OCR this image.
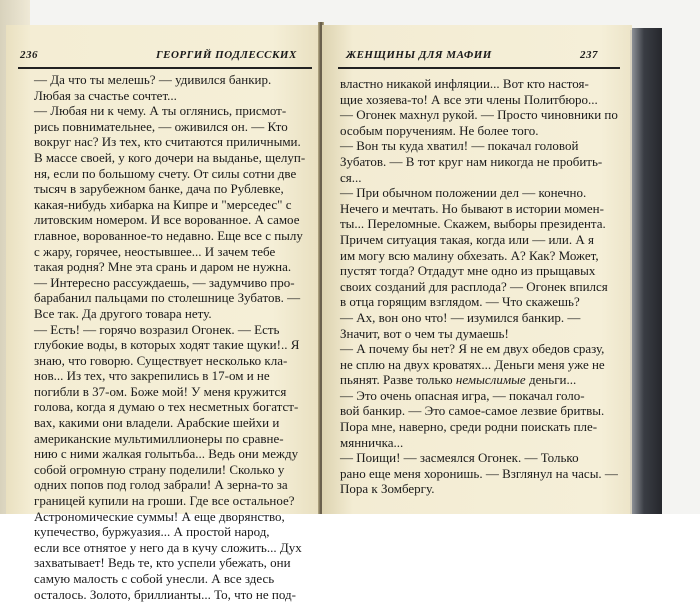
236	ГЕОРГИЙ ПОДЛЕССКИХ
— Да что ты мелешь? — удивился банкир.
Любая за счастье сочтет...
— Любая ни к чему. А ты оглянись, присмот-
рись повнимательнее, — оживился он. — Кто
вокруг нас? Из тех, кто считаются приличными.
В массе своей, у кого дочери на выданье, щелуп-
ня, если по большому счету. От силы сотни две
тысяч в зарубежном банке, дача по Рублевке,
какая-нибудь хибарка на Кипре и "мерседес" с
литовским номером. И все ворованное. А самое
главное, ворованное-то недавно. Еще все с пылу
с жару, горячее, неостывшее... И зачем тебе
такая родня? Мне эта срань и даром не нужна.
— Интересно рассуждаешь, — задумчиво про-
барабанил пальцами по столешнице Зубатов. —
Все так. Да другого товара нету.
— Есть! — горячо возразил Огонек. — Есть
глубокие воды, в которых ходят такие щуки!.. Я
знаю, что говорю. Существует несколько кла-
нов... Из тех, что закрепились в 17-ом и не
погибли в 37-ом. Боже мой! У меня кружится
голова, когда я думаю о тех несметных богатст-
вах, какими они владели. Арабские шейхи и
американские мультимиллионеры по сравне-
нию с ними жалкая голытьба... Ведь они между
собой огромную страну поделили! Сколько у
одних попов под голод забрали! А зерна-то за
границей купили на гроши. Где все остальное?
Астрономические суммы! А еще дворянство,
купечество, буржуазия... А простой народ,
если все отнятое у него да в кучу сложить... Дух
захватывает! Ведь те, кто успели убежать, они
самую малость с собой унесли. А все здесь
осталось. Золото, бриллианты... То, что не под-
ЖЕНЩИНЫ ДЛЯ МАФИИ	237
властно никакой инфляции... Вот кто настоя-
щие хозяева-то! А все эти члены Политбюро...
— Огонек махнул рукой. — Просто чиновники по
особым поручениям. Не более того.
— Вон ты куда хватил! — покачал головой
Зубатов. — В тот круг нам никогда не пробить-
ся...
— При обычном положении дел — конечно.
Нечего и мечтать. Но бывают в истории момен-
ты... Переломные. Скажем, выборы президента.
Причем ситуация такая, когда или — или. А я
им могу всю малину обхезать. А? Как? Может,
пустят тогда? Отдадут мне одно из прыщавых
своих созданий для расплода? — Огонек впился
в отца горящим взглядом. — Что скажешь?
— Ах, вон оно что! — изумился банкир. —
Значит, вот о чем ты думаешь!
— А почему бы нет? Я не ем двух обедов сразу,
не сплю на двух кроватях... Деньги меня уже не
пьянят. Разве только немыслимые деньги...
— Это очень опасная игра, — покачал голо-
вой банкир. — Это самое-самое лезвие бритвы.
Пора мне, наверно, среди родни поискать пле-
мянничка...
— Поищи! — засмеялся Огонек. — Только
рано еще меня хоронишь. — Взглянул на часы. —
Пора к Зомбергу.
